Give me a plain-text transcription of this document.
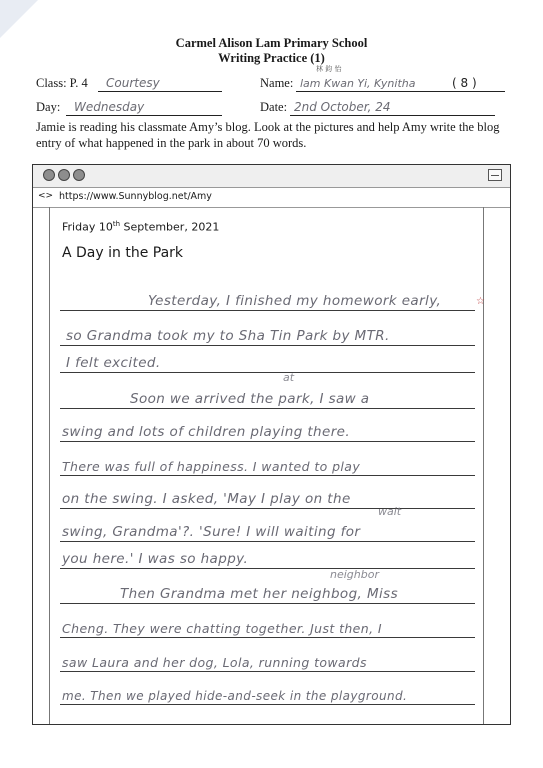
Carmel Alison Lam Primary School
Writing Practice (1)
Class: P. 4 Courtesy	Name: lam Kwan Yi, Kynitha	( 8 )
林 鈞 怡
Day: Wednesday	Date: 2nd October, 24
Jamie is reading his classmate Amy’s blog. Look at the pictures and help Amy write the blog entry of what happened in the park in about 70 words.
<> https://www.Sunnyblog.net/Amy
Friday 10th September, 2021
A Day in the Park
Yesterday, I finished my homework early,
so Grandma took my to Sha Tin Park by MTR.
I felt excited.
Soon we arrived the park, I saw a
swing and lots of children playing there.
There was full of happiness. I wanted to play
on the swing. I asked, 'May I play on the
swing, Grandma'?. 'Sure! I will waiting for
you here.' I was so happy.
Then Grandma met her neighbog, Miss
Cheng. They were chatting together. Just then, I
saw Laura and her dog, Lola, running towards
me. Then we played hide-and-seek in the playground.
at
wait
neighbor
☆
